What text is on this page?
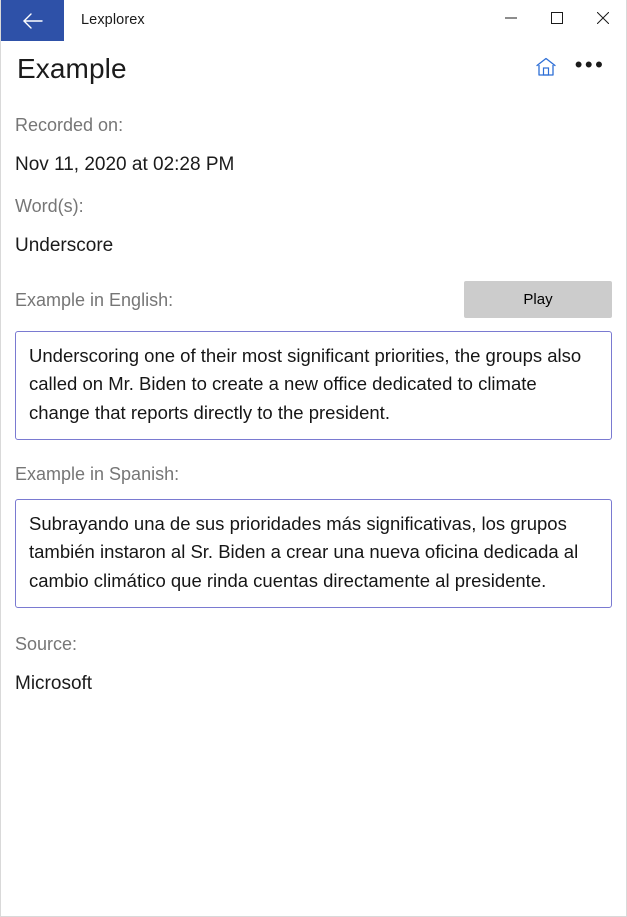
Lexplorex
Example	•••
Recorded on:
Nov 11, 2020 at 02:28 PM
Word(s):
Underscore
Example in English:	Play
Underscoring one of their most significant priorities, the groups also called on Mr. Biden to create a new office dedicated to climate change that reports directly to the president.
Example in Spanish:
Subrayando una de sus prioridades más significativas, los grupos también instaron al Sr. Biden a crear una nueva oficina dedicada al cambio climático que rinda cuentas directamente al presidente.
Source:
Microsoft
